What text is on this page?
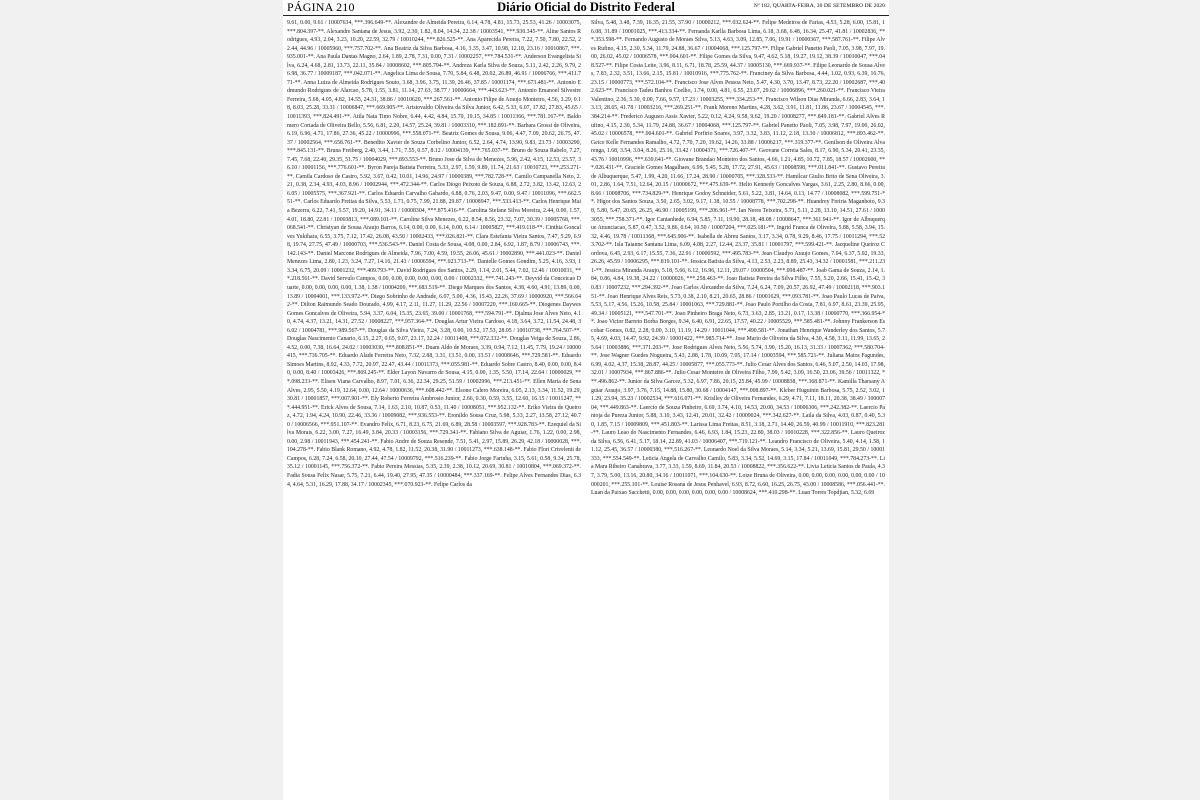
PÁGINA 210	Diário Oficial do Distrito Federal	Nº 182, QUARTA-FEIRA, 30 DE SETEMBRO DE 2020
9.61, 0.00, 9.61 / 10007634, ***.396.649-**. Alexandre de Almeida Pereira, 6.14, 4.78, 4.81, 15.73, 25.53, 41.26 / 10003075, ***.804.397-**. Alexandre Santana de Jesus, 3.92, 2.30, 1.82, 8.04, 14.34, 22.38 / 10003541, ***.930.345-**. Aline Santos Rodrigues, 4.93, 2.04, 3.23, 10.20, 22.59, 32.79 / 10010244, ***.826.525-**. Ana Aparecida Pereira, 7.22, 7.50, 7.80, 22.52, 22.44, 44.96 / 10005960, ***.757.702-**. Ana Beatriz da Silva Barbosa, 4.16, 3.35, 3.47, 10.98, 12.18, 23.16 / 10010867, ***.935.001-**. Ana Paula Dantas Magno, 2.64, 1.89, 2.78, 7.31, 0.00, 7.31 / 10002257, ***.784.531-**. Anderson Evangelista Silva, 6.24, 4.68, 2.81, 13.73, 22.11, 35.84 / 10008602, ***.805.794-**. Andreza Karla Silva de Souza, 5.11, 2.42, 2.26, 9.79, 26.98, 36.77 / 10009187, ***.042.071-**. Angelica Lima de Sousa, 7.70, 5.84, 6.48, 20.02, 26.89, 46.91 / 10006766, ***.411.771-**. Anna Luiza de Almeida Rodrigues Souto, 3.68, 3.96, 3.75, 11.39, 26.46, 37.85 / 10001174, ***.673.481-**. Antonio Edmundo Rodrigues de Alarcao, 5.78, 1.55, 3.81, 11.14, 27.63, 38.77 / 10000664, ***.443.623-**. Antonio Emanoel Silvestre Ferreira, 5.68, 4.05, 4.82, 14.55, 24.31, 38.86 / 10010620, ***.267.561-**. Antonio Filipe de Araujo Monteiro, 4.56, 3.29, 0.18, 8.03, 25.28, 33.31 / 10006847, ***.669.905-**. Aristovaldo Oliveira da Silva Junior, 6.42, 5.33, 6.07, 17.82, 27.83, 45.65 / 10011393, ***.824.491-**. Atila Nata Timo Nobre, 6.44, 4.42, 4.84, 15.70, 19.15, 34.85 / 10011366, ***.781.167-**. Baldomero Cortada de Oliveira Bello, 5.56, 6.81, 2.20, 14.57, 25.24, 39.81 / 10003310, ***.182.891-**. Barbara Grossi de Oliveira, 6.19, 6.96, 4.71, 17.86, 27.36, 45.22 / 10000996, ***.558.071-**. Beatriz Gomes de Sousa, 9.06, 4.47, 7.09, 20.62, 26.75, 47.37 / 10002564, ***.658.761-**. Benedito Xavier de Souza Corbelino Junior, 6.52, 2.64, 4.74, 13.90, 9.83, 23.73 / 10003290, ***.845.131-**. Bruna Freiberg, 2.40, 3.44, 1.71, 7.55, 0.57, 8.12 / 10004139, ***.765.037-**. Bruno de Souza Rabelo, 7.27, 7.45, 7.68, 22.40, 29.35, 51.75 / 10004029, ***.893.553-**. Bruno Jose da Silva de Menezes, 5.96, 2.42, 4.15, 12.53, 23.57, 36.10 / 10001156, ***.776.601-**. Byron Pareja Batista Ferreira, 5.33, 2.97, 1.59, 9.89, 11.74, 21.63 / 10010723, ***.253.271-**. Camila Cardoso de Castro, 5.92, 3.67, 0.42, 10.01, 14.96, 24.97 / 10000389, ***.782.728-**. Camilo Campanella Neto, 2.21, 0.38, 2.34, 4.93, 4.03, 8.96 / 10002944, ***.472.344-**. Carlos Diogo Peixoto de Souza, 6.88, 2.72, 3.82, 13.42, 12.63, 26.05 / 10005575, ***.367.921-**. Carlos Eduardo Carvalho Gabardo, 6.88, 0.76, 2.03, 9.47, 0.00, 9.47 / 10011096, ***.662.551-**. Carlos Eduardo Freitas da Silva, 5.53, 1.71, 0.75, 7.99, 21.88, 29.87 / 10008947, ***.533.413-**. Carlos Henrique Maia Bezerra, 6.22, 7.41, 5.57, 19.20, 14.91, 34.11 / 10008304, ***.875.416-**. Carolina Stefane Silva Moreira, 2.44, 0.00, 1.57, 4.01, 18.80, 22.81 / 10003813, ***.089.101-**. Caroline Silva Menezes, 6.22, 8.54, 8.56, 23.32, 7.07, 30.39 / 10005768, ***.068.541-**. Christyan de Sousa Araujo Barros, 6.14, 0.00, 0.00, 6.14, 0.00, 6.14 / 10005827, ***.419.118-**. Cinthia Goncalves Yukihara, 6.55, 3.75, 7.12, 17.42, 26.08, 43.50 / 10002433, ***.026.821-**. Clara Estefania Vieira Santos, 7.47, 5.29, 6.98, 19.74, 27.75, 47.49 / 10000703, ***.536.543-**. Daniel Costa de Sousa, 4.08, 0.00, 2.84, 6.92, 1.87, 8.79 / 10006743, ***.142.143-**. Daniel Marcone Rodrigues de Almeida, 7.96, 7.00, 4.59, 19.55, 26.06, 45.61 / 10002890, ***.441.023-**. Daniel Menezes Lima, 2.80, 1.23, 3.24, 7.27, 14.16, 21.43 / 10006594, ***.023.713-**. Danielle Gomes Gondim, 5.25, 4.16, 3.93, 13.34, 6.75, 20.09 / 10001232, ***.409.793-**. David Rodrigues dos Santos, 2.29, 1.14, 2.01, 5.44, 7.02, 12.46 / 10010031, ***.218.561-**. David Servulo Campos, 0.00, 0.00, 0.00, 0.00, 0.00, 0.00 / 10002332, ***.741.243-**. Deyvid da Conceicao Duarte, 0.00, 0.00, 0.00, 0.00, 1.38, 1.38 / 10004209, ***.683.519-**. Diego Marques dos Santos, 4.38, 4.60, 4.91, 13.89, 0.00, 13.89 / 10004001, ***.133.972-**. Diego Sobrinho de Andrade, 6.07, 5.00, 4.36, 15.43, 22.26, 37.69 / 10000920, ***.566.642-**. Dilton Raimundo Seado Dourado, 4.99, 4.17, 2.11, 11.27, 11.29, 22.56 / 10007220, ***.160.665-**. Diogenes Daywes Gomes Goncalves de Oliveira, 5.94, 3.37, 6.04, 15.35, 23.65, 39.00 / 10001768, ***.594.791-**. Djalma Jose Alves Neto, 4.10, 4.74, 4.37, 13.21, 14.31, 27.52 / 10008227, ***.957.364-**. Douglas Artur Vieira Cardoso, 4.18, 3.64, 3.72, 11.54, 24.48, 36.02 / 10004781, ***.989.567-**. Douglas da Silva Vieira, 7.24, 3.28, 0.00, 10.52, 17.53, 28.05 / 10010738, ***.764.507-**. Douglas Nascimento Canario, 6.15, 2.27, 0.65, 9.07, 23.17, 32.24 / 10011408, ***.072.332-**. Douglas Veiga de Souza, 2.86, 4.52, 0.00, 7.38, 16.64, 24.02 / 10003030, ***.808.851-**. Duam Aldo de Moraes, 3.39, 0.94, 7.12, 11.45, 7.79, 19.24 / 10000415, ***.736.705-**. Eduardo Alade Ferreira Neto, 7.32, 2.88, 3.31, 13.51, 0.00, 13.51 / 10008646, ***.729.581-**. Eduardo Simoes Martins, 8.92, 4.33, 7.72, 20.97, 22.47, 43.44 / 10011373, ***.055.981-**. Eduardo Sobre Castro, 8.40, 0.00, 0.00, 8.40, 0.00, 8.40 / 10003426, ***.869.245-**. Elder Layon Navarro de Sousa, 4.15, 0.00, 1.35, 5.50, 17.14, 22.64 / 10000029, ***.098.233-**. Eliseu Viana Carvalho, 8.97, 7.01, 6.36, 22.34, 29.25, 51.59 / 10002996, ***.213.451-**. Ellen Maria de Sena Alves, 2.95, 5.50, 4.19, 12.64, 0.00, 12.64 / 10000636, ***.608.442-**. Elsono Calero Moreira, 6.05, 2.13, 3.34, 11.52, 19.29, 30.81 / 10001857, ***.007.901-**. Ely Roberto Ferreira Ambrosio Junior, 2.66, 0.30, 0.59, 3.55, 12.60, 16.15 / 10011247, ***.444.951-**. Erick Alves de Sousa, 7.14, 1.63, 2.10, 10.87, 0.53, 11.40 / 10008051, ***.952.132-**. Eriko Vieira de Queiroz, 4.72, 1.94, 4.24, 10.90, 22.46, 33.36 / 10009082, ***.936.553-**. Eronildo Sousa Cruz, 5.98, 5.33, 2.27, 13.58, 27.12, 40.70 / 10006566, ***.951.107-**. Evandro Felix, 6.71, 8.23, 6.75, 21.69, 6.89, 28.58 / 10003597, ***.928.783-**. Ezequiel da Silva Morais, 6.22, 3.00, 7.27, 16.49, 3.84, 20.33 / 10003156, ***.729.341-**. Fabiano Silva de Aguiar, 1.76, 1.22, 0.00, 2.98, 0.00, 2.98 / 10011943, ***.454.241-**. Fabio Andre de Souza Resende, 7.51, 5.41, 2.97, 15.89, 26.29, 42.18 / 10000028, ***.104.278-**. Fabio Blank Romano, 4.92, 4.78, 1.82, 11.52, 20.38, 31.90 / 10011273, ***.638.148-**. Fabio Flori Crivelenti de Campos, 6.28, 7.24, 6.58, 20.10, 27.44, 47.54 / 10009792, ***.516.239-**. Fabio Jorge Farinha, 3.15, 5.61, 0.58, 9.34, 25.78, 35.12 / 10001145, ***.756.372-**. Fabio Pereira Messias, 5.35, 2.39, 2.38, 10.12, 20.69, 30.81 / 10010804, ***.069.372-**. Fadia Sousa Felix Nasar, 5.75, 7.21, 6.44, 19.40, 27.95, 47.35 / 10000484, ***.337.169-**. Felipe Alves Fernandes Dias, 6.34, 4.64, 5.31, 16.29, 17.88, 34.17 / 10002345, ***.070.923-**. Felipe Carlos da
Silva, 5.48, 3.48, 7.39, 16.35, 21.55, 37.90 / 10000212, ***.032.624-**. Felipe Medeiros de Farias, 4.53, 5.28, 6.00, 15.81, 16.08, 31.89 / 10001025, ***.413.334-**. Fernanda Karlla Barbosa Lima, 6.18, 3.68, 6.48, 16.34, 25.47, 41.81 / 10002836, ***.353.598-**. Fernando Augusto de Moraes Silva, 5.13, 4.63, 3.09, 12.85, 7.06, 19.91 / 10000367, ***.587.761-**. Filipe Alves Rufino, 4.15, 2.30, 5.34, 11.79, 24.88, 36.67 / 10004068, ***.125.797-**. Filipe Gabriel Panetto Paoli, 7.05, 3.98, 7.97, 19.00, 26.02, 45.02 / 10006578, ***.004.601-**. Filipe Gomes da Silva, 9.47, 4.62, 5.18, 19.27, 19.12, 38.39 / 10010047, ***.048.527-**. Filipe Costa Leite, 3.96, 8.11, 6.71, 18.78, 25.59, 44.37 / 10005130, ***.669.937-**. Filipe Leonardo de Sousa Alves, 7.83, 2.32, 3.51, 13.66, 2.15, 15.81 / 10010916, ***.775.762-**. Franciney da Silva Barbosa, 4.44, 1.02, 0.93, 6.39, 16.76, 23.15 / 10000773, ***.572.104-**. Francisco Jose Alves Pessoa Neto, 5.47, 4.30, 3.70, 13.47, 8.73, 22.20 / 10002687, ***.402.623-**. Francisco Tadeu Banhos Coelho, 1.74, 0.00, 4.81, 6.55, 23.07, 29.62 / 10006896, ***.260.021-**. Francisco Vieira Valentino, 2.36, 5.30, 0.00, 7.66, 9.57, 17.23 / 10003255, ***.334.253-**. Francisco Wilson Dias Miranda, 6.66, 2.83, 3.64, 13.13, 28.65, 41.78 / 10003216, ***.269.251-**. Frank Moreno Martins, 4.28, 3.62, 3.91, 11.81, 11.86, 23.67 / 10004545, ***.384.214-**. Frederico Augusto Assis Xavier, 5.22, 0.12, 4.24, 9.58, 9.62, 19.20 / 10008277, ***.849.181-**. Gabriel Alves Rufino, 4.15, 2.30, 5.34, 11.79, 24.88, 36.67 / 10004068, ***.125.797-**. Gabriel Panetto Paoli, 7.05, 3.98, 7.97, 19.00, 26.02, 45.02 / 10006578, ***.004.601-**. Gabriel Porfirio Soares, 3.97, 3.32, 3.83, 11.12, 2.18, 13.30 / 10006812, ***.893.462-**. Geice Kelle Fernandes Ramalho, 4.72, 7.70, 7.20, 19.62, 14.26, 33.88 / 10006217, ***.319.377-**. Genilson de Oliveira Alvarenga, 1.68, 3.54, 3.04, 8.26, 25.16, 33.42 / 10004371, ***.726.407-**. Geovane Correia Sales, 8.17, 6.90, 5.34, 20.41, 23.35, 43.76 / 10010996, ***.639.641-**. Giovane Brandao Monteiro dos Santos, 4.66, 1.21, 4.85, 10.72, 7.85, 18.57 / 10002600, ***.026.431-**. Graciele Gomes Magalhaes, 6.99, 5.45, 5.28, 17.72, 27.91, 45.63 / 10008598, ***.011.841-**. Gustavo Pereira de Albuquerque, 5.47, 1.99, 4.20, 11.66, 17.24, 28.90 / 10000705, ***.328.533-**. Hamilcar Giulio Brito de Sena Oliveira, 3.01, 2.86, 1.64, 7.51, 12.64, 20.15 / 10000672, ***.475.639-**. Helio Kennedy Goncalves Vargas, 3.61, 2.25, 2.80, 8.66, 0.00, 8.66 / 10008706, ***.734.829-**. Henrique Godoy Schneider, 5.61, 5.22, 3.81, 14.64, 0.13, 14.77 / 10008082, ***.599.751-**. Higor dos Santos Souza, 3.50, 2.65, 3.02, 9.17, 1.38, 10.55 / 10008778, ***.702.298-**. Huandrey Freiria Maganhoto, 9.38, 5.80, 5.47, 20.65, 26.25, 46.90 / 10005199, ***.206.961-**. Ian Neres Teixeira, 5.71, 5.11, 2.28, 13.10, 14.51, 27.61 / 10003055, ***.758.371-**. Igor Cantanhede, 6.94, 5.85, 7.11, 19.90, 28.18, 48.08 / 10008647, ***.361.941-**. Igor de Albuquerque Anunciacao, 5.87, 0.47, 3.52, 9.86, 0.64, 10.50 / 10007204, ***.025.181-**. Ingrid Franca de Oliveira, 5.88, 5.58, 3.94, 15.32, 4.46, 19.78 / 10011368, ***.645.906-**. Isabella de Abreu Santos, 3.17, 3.34, 0.78, 9.29, 8.46, 17.75 / 10011294, ***.523.702-**. Isla Taianne Santana Lima, 6.09, 4.08, 2.27, 12.44, 23.37, 35.81 / 10001797, ***.599.421-**. Jacqueline Queiroz Cordova, 6.45, 2.93, 6.17, 15.55, 7.36, 22.91 / 10000592, ***.495.783-**. Jean Claudyo Araujo Gomes, 7.04, 6.37, 5.92, 19.33, 26.26, 45.59 / 10006295, ***.819.101-**. Jessica Batista da Silva, 4.13, 2.53, 2.23, 8.89, 25.43, 34.32 / 10001581, ***.211.231-**. Jessica Miranda Araujo, 5.18, 5.66, 6.12, 16.96, 12.11, 29.07 / 10000504, ***.098.487-**. Joab Gama de Souza, 2.14, 1.84, 0.86, 4.84, 19.38, 24.22 / 10000026, ***.258.463-**. Joao Batista Pereira da Silva Filho, 7.55, 5.20, 2.66, 15.41, 15.42, 30.83 / 10007232, ***.294.392-**. Joao Carlos Alexandre da Silva, 7.24, 6.24, 7.09, 20.57, 26.92, 47.49 / 10002118, ***.903.151-**. Joao Henrique Alves Reis, 5.73, 0.38, 2.10, 8.21, 20.65, 28.86 / 10001629, ***.093.781-**. Joao Paulo Lucas de Paiva, 5.53, 5.17, 4.56, 15.26, 10.58, 25.84 / 10001063, ***.729.881-**. Joao Paulo Portilho da Costa, 7.81, 6.97, 8.61, 23.39, 25.95, 49.34 / 10005121, ***.547.701-**. Joao Pinheiro Braga Neto, 6.73, 3.63, 2.85, 13.21, 0.17, 13.38 / 10000770, ***.366.954-**. Joao Victor Barreto Borba Borges, 9.34, 6.40, 6.91, 22.65, 17.57, 40.22 / 10005529, ***.585.481-**. Johnny Frankerson Escobar Gomes, 0.82, 2.28, 0.00, 3.10, 11.19, 14.29 / 10011044, ***.490.581-**. Jonathan Henrique Wanderley dos Santos, 5.75, 4.69, 4.03, 14.47, 9.92, 24.39 / 10001422, ***.985.714-**. Jose Mario de Oliveira da Silva, 4.30, 4.58, 3.11, 11.99, 13.65, 25.64 / 10003886, ***.371.203-**. Jose Rodrigues Alves Neto, 5.56, 5.74, 3.90, 15.20, 16.13, 31.33 / 10007362, ***.580.704-**. Jose Wagner Guedes Nogueira, 5.43, 2.88, 1.78, 10.09, 7.05, 17.14 / 10003594, ***.585.721-**. Juliana Matos Fagundes, 6.99, 4.02, 4.37, 15.38, 28.87, 44.25 / 10005877, ***.055.773-**. Julio Cesar Alves dos Santos, 6.46, 5.07, 2.50, 14.03, 17.98, 32.01 / 10007934, ***.867.886-**. Julio Cesar Monteiro de Oliveira Filho, 7.99, 5.42, 3.09, 16.50, 23.06, 39.56 / 10011322, ***.496.862-**. Junior da Silva Garcez, 5.32, 6.97, 7.86, 20.15, 25.84, 45.99 / 10008838, ***.368.871-**. Kamilla Tharsany Aguiar Araujo, 3.97, 3.76, 7.15, 14.88, 15.80, 30.68 / 10004147, ***.008.897-**. Kleber Huguinin Barbosa, 5.75, 2.52, 3.02, 11.29, 23.94, 35.23 / 10002534, ***.616.071-**. Krislley de Oliveira Fernandes, 6.29, 4.71, 7.11, 18.11, 20.38, 38.49 / 10000704, ***.449.863-**. Laercio de Souza Pinheiro, 6.69, 3.74, 4.10, 14.53, 20.00, 34.53 / 10006306, ***.242.382-**. Laercio Pantoja da Pureza Junior, 5.88, 3.10, 3.43, 12.41, 20.01, 32.42 / 10009024, ***.342.627-**. Laila da Silva, 4.03, 0.87, 0.40, 5.30, 1.85, 7.15 / 10009809, ***.451.803-**. Larissa Lima Freitas, 8.51, 3.18, 2.71, 14.40, 26.59, 40.99 / 10011910, ***.823.281-**. Lauro Leao do Nascimento Fernandes, 6.46, 6.93, 1.84, 15.23, 22.80, 38.03 / 10010228, ***.322.856-**. Lauro Queiroz da Silva, 6.56, 6.41, 5.17, 18.14, 22.89, 41.03 / 10006407, ***.719.121-**. Leandro Francisco de Oliveira, 5.40, 4.14, 1.58, 11.12, 25.45, 36.57 / 10000380, ***.516.267-**. Leonardo Noel da Silva Moraes, 5.14, 3.34, 5.21, 13.69, 15.81, 29.50 / 10001333, ***.554.549-**. Leticia Angela de Carvalho Camilo, 5.83, 3.34, 5.52, 14.69, 3.15, 17.84 / 10011049, ***.784.273-**. Lia Mara Ribeiro Canabrava, 3.77, 3.33, 1.59, 8.69, 11.84, 20.53 / 10008822, ***.356.622-**. Livia Leticia Santos de Paula, 4.37, 3.79, 5.00, 13.16, 20.80, 34.16 / 10011071, ***.104.630-**. Loize Bruna de Oliveira, 0.00, 0.00, 0.00, 0.00, 0.00, 0.00 / 10000201, ***.255.101-**. Louise Rosana de Jesus Penhavel, 6.93, 8.72, 6.60, 16.25, 26.75, 43.00 / 10008586, ***.056.441-**. Luan da Paixao Sacchetti, 0.00, 0.00, 0.00, 0.00, 0.00, 0.00 / 10008624, ***.410.298-**. Luan Torres Topdjian, 5.32, 6.69
